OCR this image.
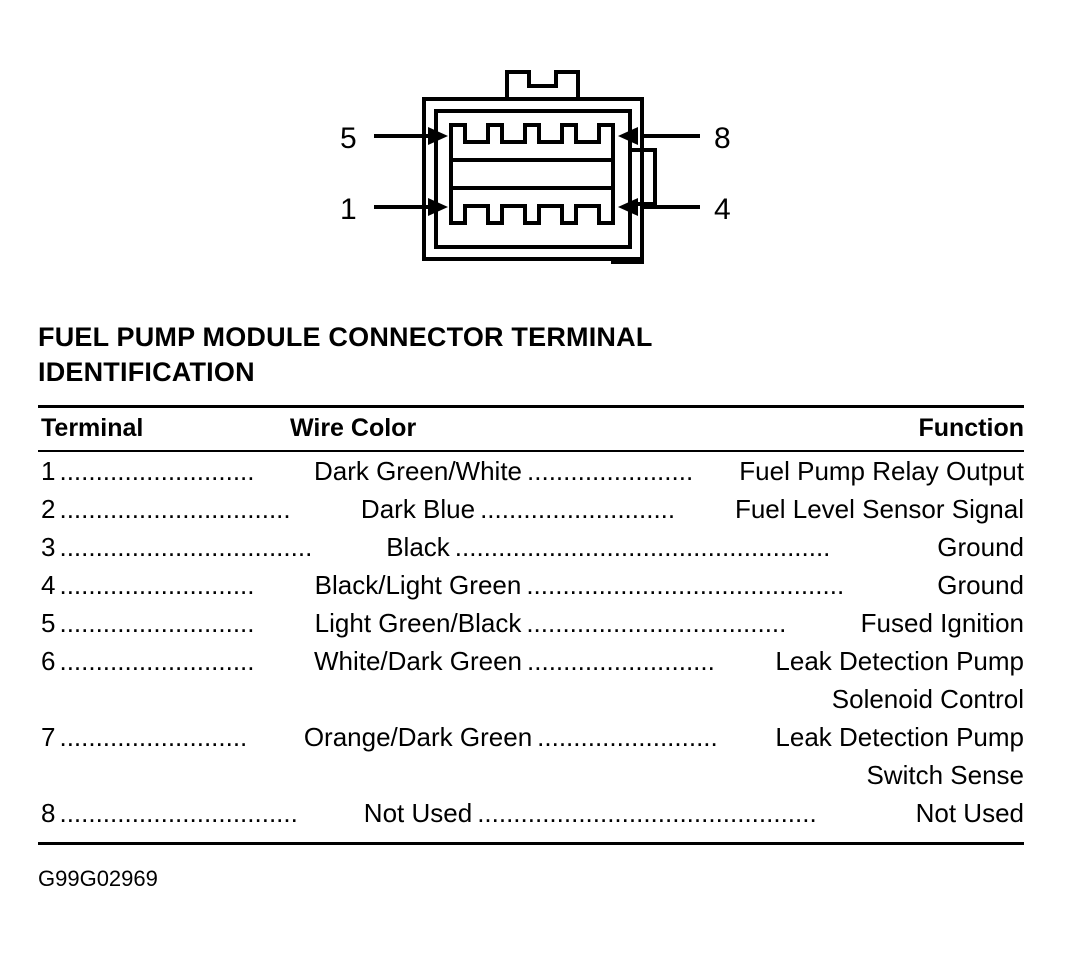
5
1
8
4
FUEL PUMP MODULE CONNECTOR TERMINAL
IDENTIFICATION
Terminal	Wire Color	Function
1	Dark Green/White	Fuel Pump Relay Output
...........................	.......................
2	Dark Blue	Fuel Level Sensor Signal
................................	...........................
3	Black	Ground
...................................	....................................................
4	Black/Light Green	Ground
...........................	............................................
5	Light Green/Black	Fused Ignition
...........................	....................................
6	White/Dark Green	Leak Detection Pump
...........................	..........................
Solenoid Control
7	Orange/Dark Green	Leak Detection Pump
..........................	.........................
Switch Sense
8	Not Used	Not Used
.................................	...............................................
G99G02969
